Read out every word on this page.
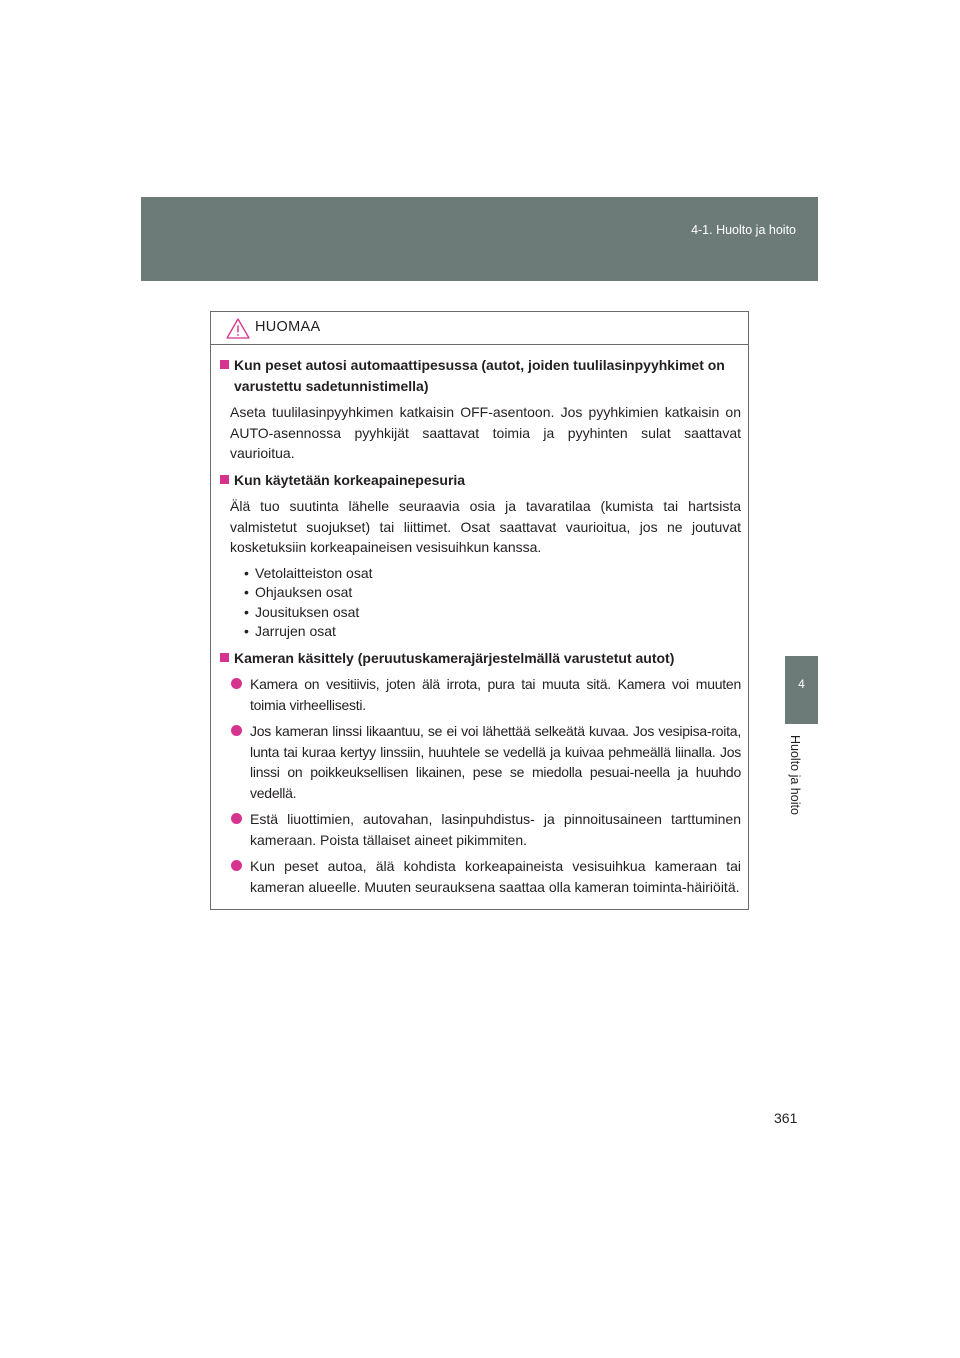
4-1. Huolto ja hoito
4
Huolto ja hoito
HUOMAA
Kun peset autosi automaattipesussa (autot, joiden tuulilasinpyyhkimet on varustettu sadetunnistimella)
Aseta tuulilasinpyyhkimen katkaisin OFF-asentoon. Jos pyyhkimien katkaisin on AUTO-asennossa pyyhkijät saattavat toimia ja pyyhinten sulat saattavat vaurioitua.
Kun käytetään korkeapainepesuria
Älä tuo suutinta lähelle seuraavia osia ja tavaratilaa (kumista tai hartsista valmistetut suojukset) tai liittimet. Osat saattavat vaurioitua, jos ne joutuvat kosketuksiin korkeapaineisen vesisuihkun kanssa.
• Vetolaitteiston osat
• Ohjauksen osat
• Jousituksen osat
• Jarrujen osat
Kameran käsittely (peruutuskamerajärjestelmällä varustetut autot)
Kamera on vesitiivis, joten älä irrota, pura tai muuta sitä. Kamera voi muuten toimia virheellisesti.
Jos kameran linssi likaantuu, se ei voi lähettää selkeätä kuvaa. Jos vesipisa-roita, lunta tai kuraa kertyy linssiin, huuhtele se vedellä ja kuivaa pehmeällä liinalla. Jos linssi on poikkeuksellisen likainen, pese se miedolla pesuai-neella ja huuhdo vedellä.
Estä liuottimien, autovahan, lasinpuhdistus- ja pinnoitusaineen tarttuminen kameraan. Poista tällaiset aineet pikimmiten.
Kun peset autoa, älä kohdista korkeapaineista vesisuihkua kameraan tai kameran alueelle. Muuten seurauksena saattaa olla kameran toiminta-häiriöitä.
361
